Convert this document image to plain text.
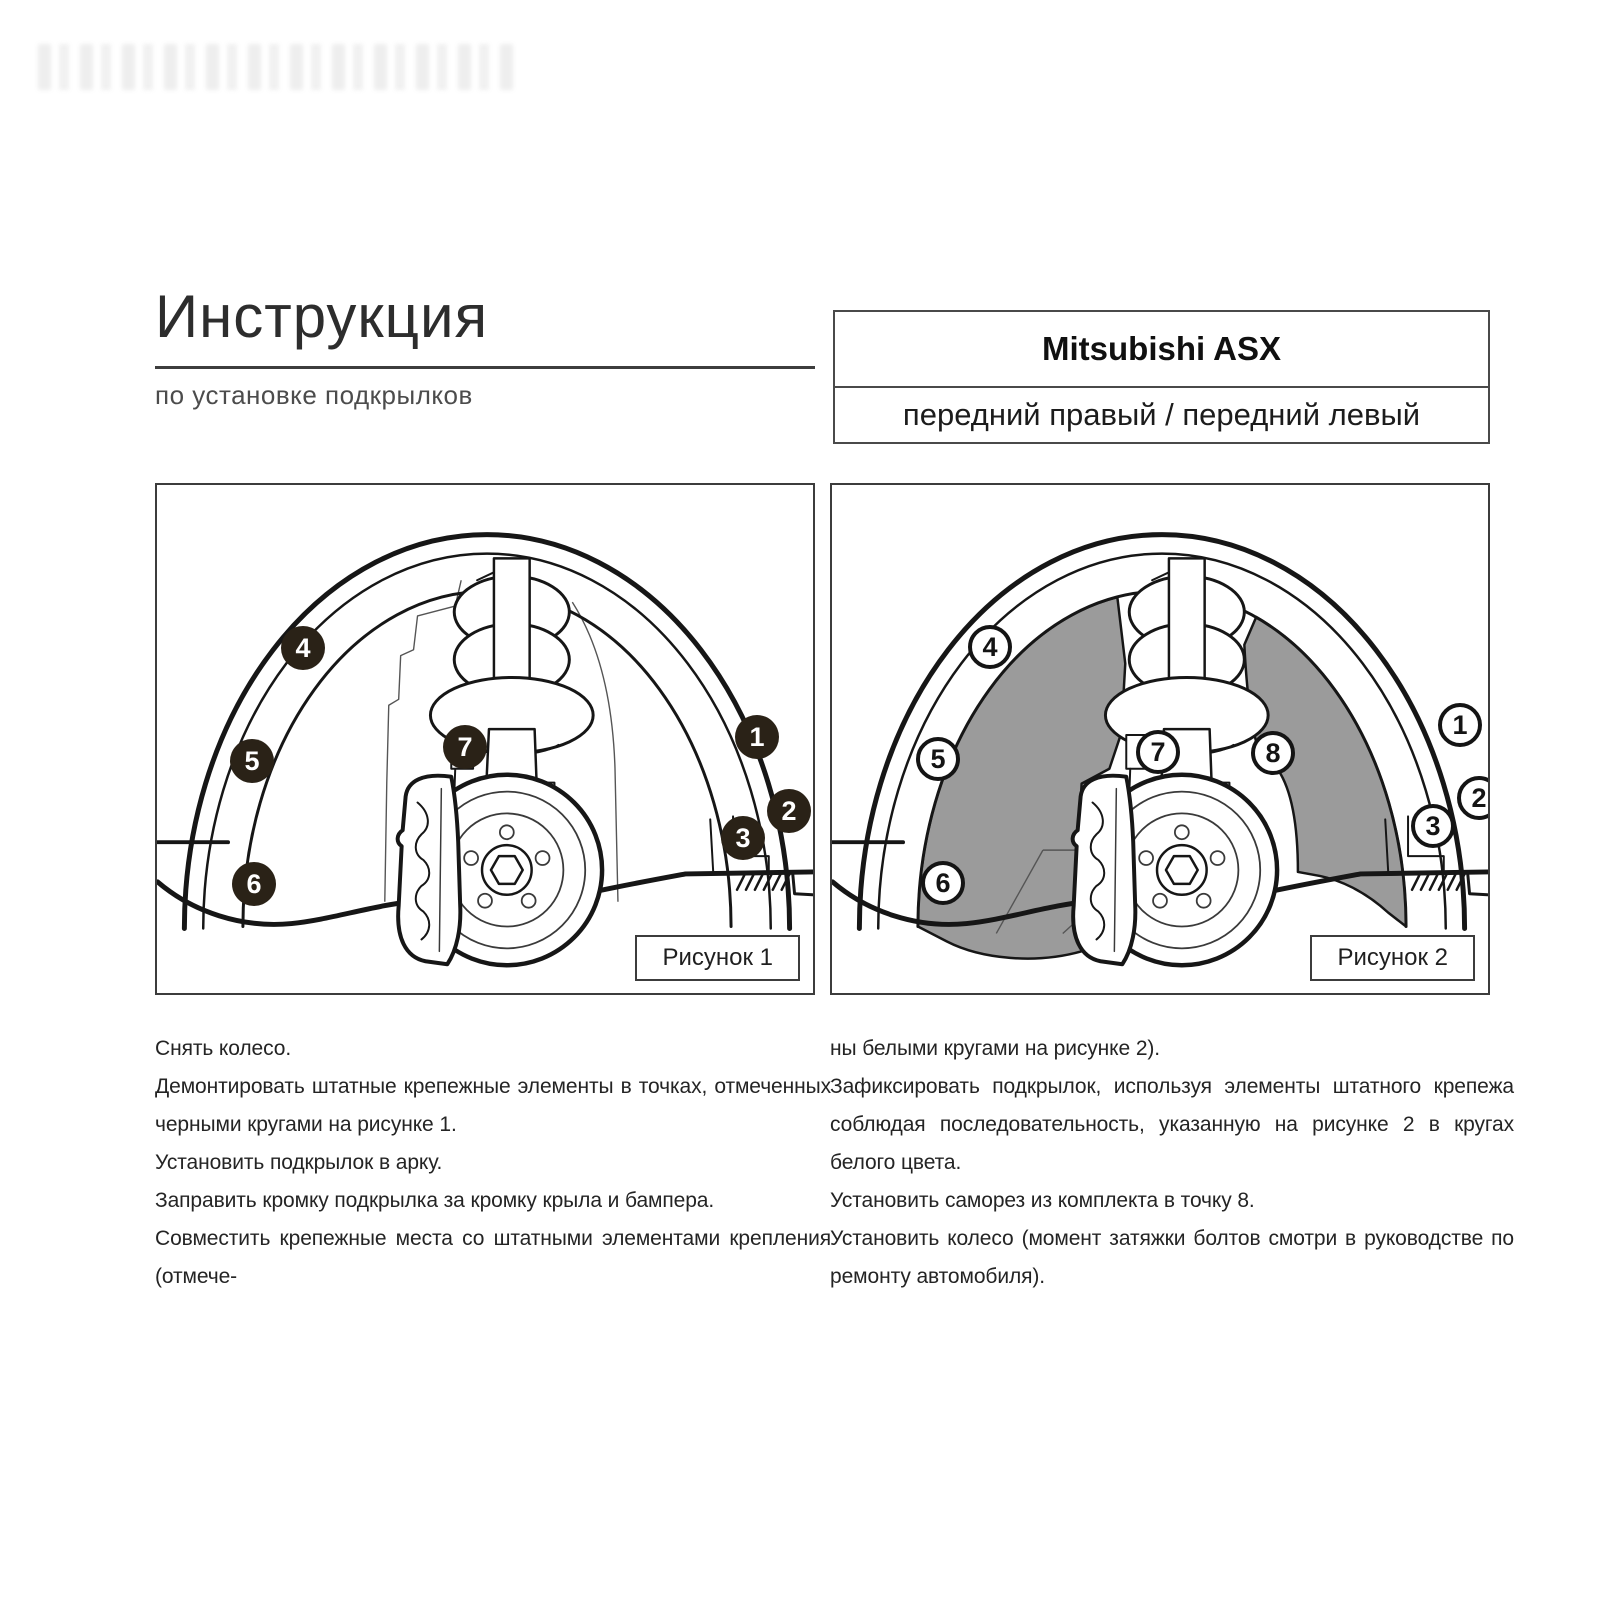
Инструкция
по установке подкрылков
Mitsubishi ASX
передний правый / передний левый
4
5
6
7	1
2
3
Рисунок 1
4
5
6
7	8
1
2
3
Рисунок 2

Снять колесо.

Демонтировать штатные крепежные элементы в точках, отмеченных черными кругами на рисунке 1.

Установить подкрылок в арку.

Заправить кромку подкрылка за кромку крыла и бампера.

Совместить крепежные места со штатными элементами крепления (отмече-

ны белыми кругами на рисунке 2).

Зафиксировать подкрылок, используя элементы штатного крепежа соблюдая последовательность, указанную на рисунке 2 в кругах белого цвета.

Установить саморез из комплекта в точку 8.

Установить колесо (момент затяжки болтов смотри в руководстве по ремонту автомобиля).
